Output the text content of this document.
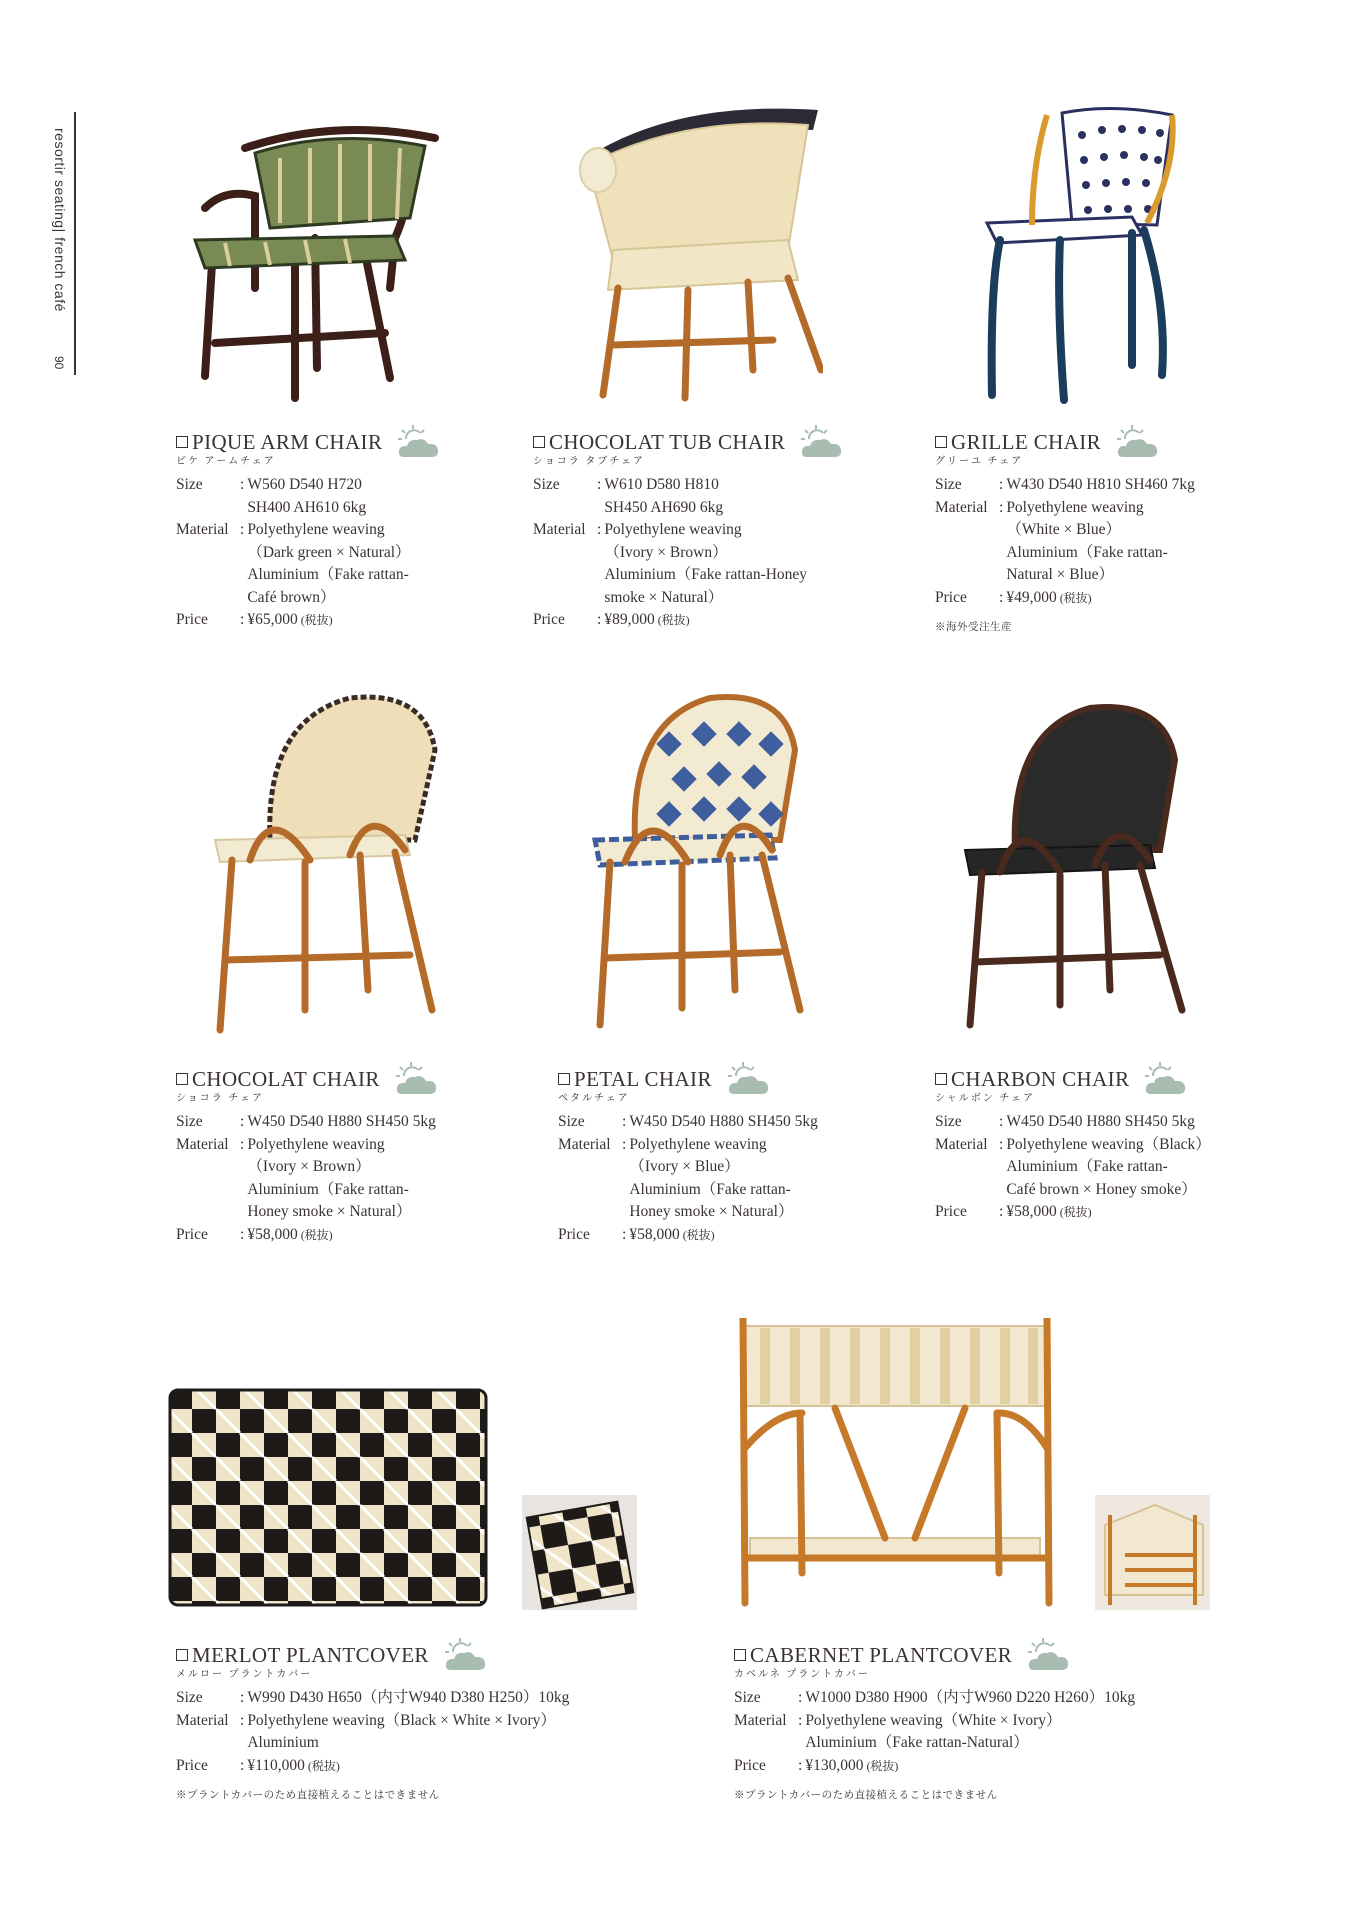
resortir seating| french café
90
PIQUE ARM CHAIR
ピケ アームチェア
Size	: W560 D540 H720
SH400 AH610 6kg
Material : Polyethylene weaving
（Dark green × Natural）
Aluminium（Fake rattan-
Café brown）
Price	: ¥65,000 (税抜)
CHOCOLAT TUB CHAIR
ショコラ タブチェア
Size	: W610 D580 H810
SH450 AH690 6kg
Material : Polyethylene weaving
（Ivory × Brown）
Aluminium（Fake rattan-Honey
smoke × Natural）
Price	: ¥89,000 (税抜)
GRILLE CHAIR
グリーユ チェア
Size	: W430 D540 H810 SH460 7kg
Material : Polyethylene weaving
（White × Blue）
Aluminium（Fake rattan-
Natural × Blue）
Price	: ¥49,000 (税抜)
※海外受注生産
CHOCOLAT CHAIR
ショコラ チェア
Size	: W450 D540 H880 SH450 5kg
Material : Polyethylene weaving
（Ivory × Brown）
Aluminium（Fake rattan-
Honey smoke × Natural）
Price	: ¥58,000 (税抜)
PETAL CHAIR
ペタルチェア
Size	: W450 D540 H880 SH450 5kg
Material : Polyethylene weaving
（Ivory × Blue）
Aluminium（Fake rattan-
Honey smoke × Natural）
Price	: ¥58,000 (税抜)
CHARBON CHAIR
シャルボン チェア
Size	: W450 D540 H880 SH450 5kg
Material : Polyethylene weaving（Black）
Aluminium（Fake rattan-
Café brown × Honey smoke）
Price	: ¥58,000 (税抜)
MERLOT PLANTCOVER
メルロー プラントカバー
Size	: W990 D430 H650（内寸W940 D380 H250）10kg
Material : Polyethylene weaving（Black × White × Ivory）
Aluminium
Price	: ¥110,000 (税抜)
※プラントカバーのため直接植えることはできません
CABERNET PLANTCOVER
カベルネ プラントカバー
Size	: W1000 D380 H900（内寸W960 D220 H260）10kg
Material : Polyethylene weaving（White × Ivory）
Aluminium（Fake rattan-Natural）
Price	: ¥130,000 (税抜)
※プラントカバーのため直接植えることはできません
